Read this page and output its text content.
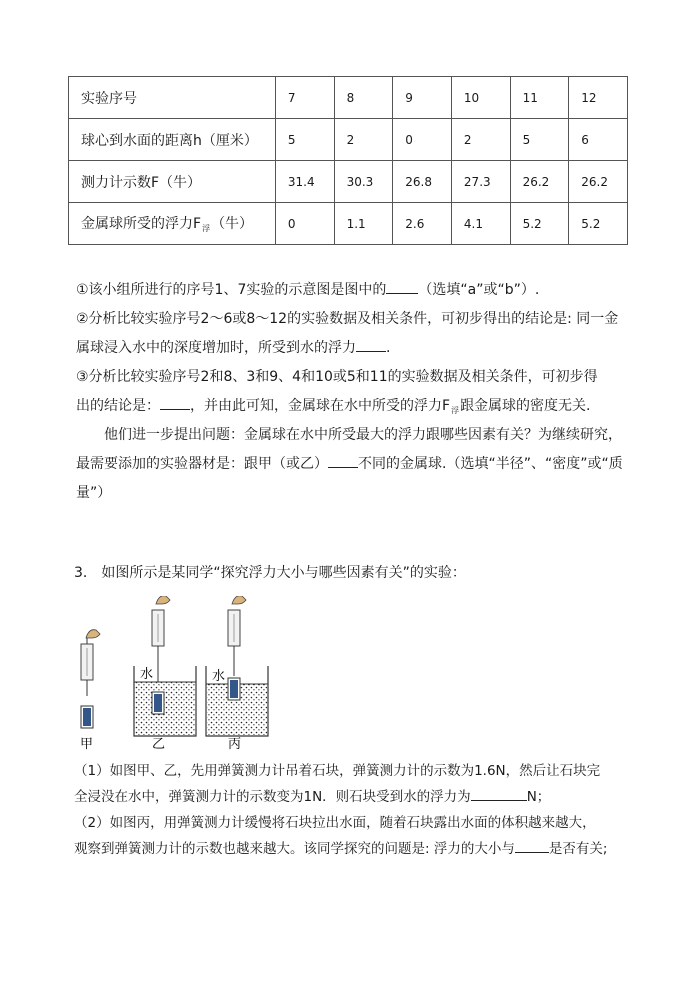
实验序号	7	8	9	10	11	12
球心到水面的距离h（厘米）	5	2	0	2	5	6
测力计示数F（牛）	31.4	30.3	26.8	27.3	26.2	26.2
金属球所受的浮力$F_浮$（牛）	0	1.1	2.6	4.1	5.2	5.2
①该小组所进行的序号1、7实验的示意图是图中的 （选填“a”或“b”）.
②分析比较实验序号2～6或8～12的实验数据及相关条件，可初步得出的结论是: 同一金
属球浸入水中的深度增加时，所受到水的浮力 .
③分析比较实验序号2和8、3和9、4和10或5和11的实验数据及相关条件，可初步得
出的结论是： ，并由此可知，金属球在水中所受的浮力$F_浮$跟金属球的密度无关.
他们进一步提出问题：金属球在水中所受最大的浮力跟哪些因素有关？为继续研究，
最需要添加的实验器材是：跟甲（或乙） 不同的金属球.（选填“半径”、“密度”或“质
量”）
3． 如图所示是某同学“探究浮力大小与哪些因素有关”的实验：
水	水
甲	乙	丙
（1）如图甲、乙，先用弹簧测力计吊着石块，弹簧测力计的示数为1.6N，然后让石块完
全浸没在水中，弹簧测力计的示数变为1N．则石块受到水的浮力为	N；
（2）如图丙，用弹簧测力计缓慢将石块拉出水面，随着石块露出水面的体积越来越大，
观察到弹簧测力计的示数也越来越大。该同学探究的问题是: 浮力的大小与	是否有关;
